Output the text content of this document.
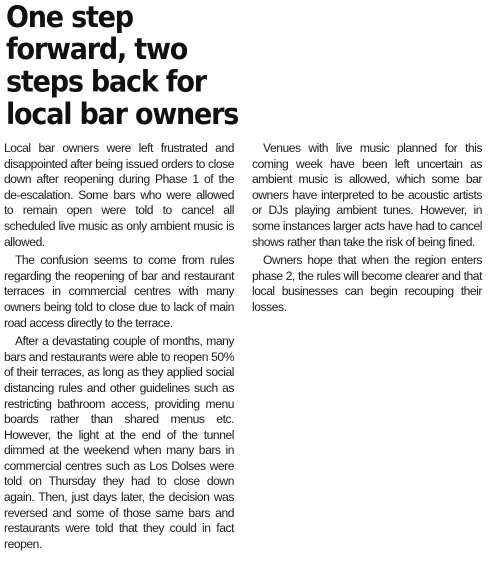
One step forward, two steps back for local bar owners

Local bar owners were left frustrated and disappointed after being issued orders to close down after reopening during Phase 1 of the de-escalation. Some bars who were allowed to remain open were told to cancel all scheduled live music as only ambient music is allowed.

The confusion seems to come from rules regarding the reopening of bar and restaurant terraces in commercial centres with many owners being told to close due to lack of main road access directly to the terrace.

After a devastating couple of months, many bars and restaurants were able to reopen 50% of their terraces, as long as they applied social distancing rules and other guidelines such as restricting bathroom access, providing menu boards rather than shared menus etc. However, the light at the end of the tunnel dimmed at the weekend when many bars in commercial centres such as Los Dolses were told on Thursday they had to close down again. Then, just days later, the decision was reversed and some of those same bars and restaurants were told that they could in fact reopen.

Venues with live music planned for this coming week have been left uncertain as ambient music is allowed, which some bar owners have interpreted to be acoustic artists or DJs playing ambient tunes. However, in some instances larger acts have had to cancel shows rather than take the risk of being fined.

Owners hope that when the region enters phase 2, the rules will become clearer and that local businesses can begin recouping their losses.
